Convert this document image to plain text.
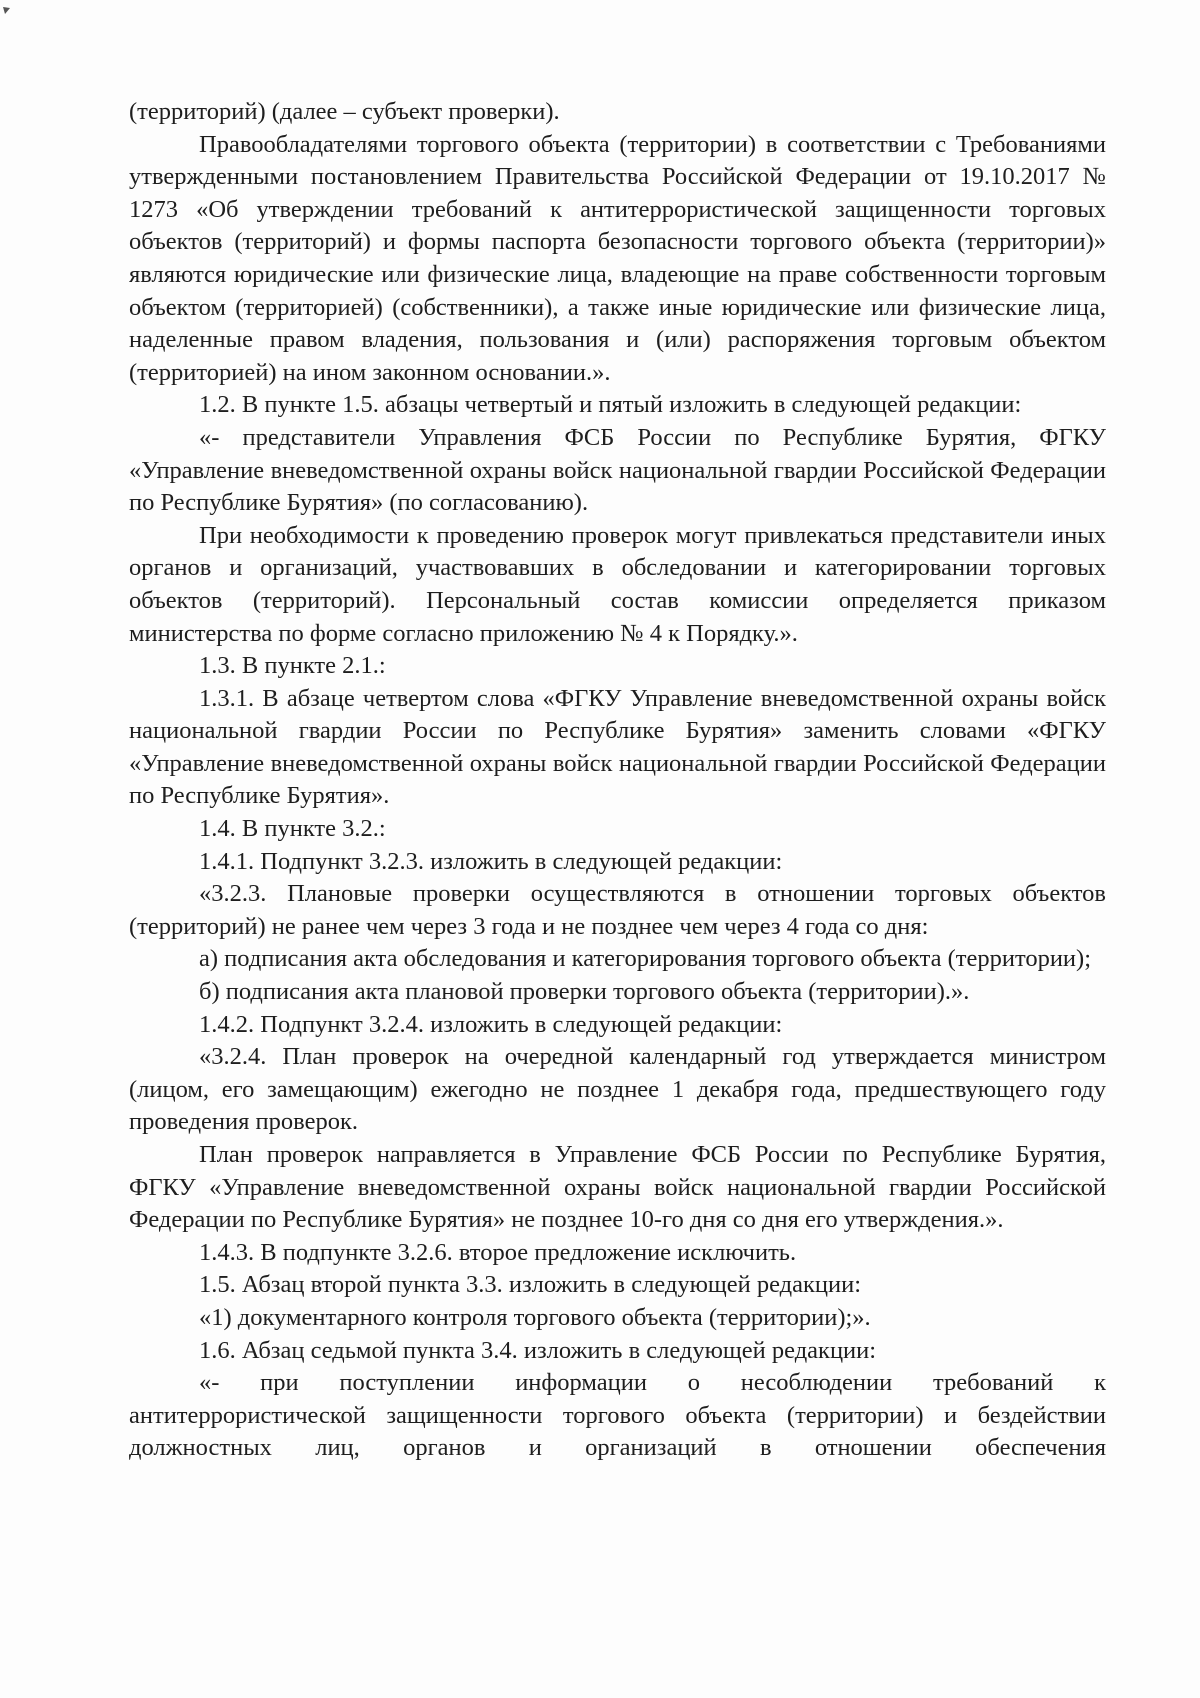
(территорий) (далее – субъект проверки).

Правообладателями торгового объекта (территории) в соответствии с Требованиями утвержденными постановлением Правительства Российской Федерации от 19.10.2017 № 1273 «Об утверждении требований к антитеррористической защищенности торговых объектов (территорий) и формы паспорта безопасности торгового объекта (территории)» являются юридические или физические лица, владеющие на праве собственности торговым объектом (территорией) (собственники), а также иные юридические или физические лица, наделенные правом владения, пользования и (или) распоряжения торговым объектом (территорией) на ином законном основании.».

1.2. В пункте 1.5. абзацы четвертый и пятый изложить в следующей редакции:

«- представители Управления ФСБ России по Республике Бурятия, ФГКУ «Управление вневедомственной охраны войск национальной гвардии Российской Федерации по Республике Бурятия» (по согласованию).

При необходимости к проведению проверок могут привлекаться представители иных органов и организаций, участвовавших в обследовании и категорировании торговых объектов (территорий). Персональный состав комиссии определяется приказом министерства по форме согласно приложению № 4 к Порядку.».

1.3. В пункте 2.1.:

1.3.1. В абзаце четвертом слова «ФГКУ Управление вневедомственной охраны войск национальной гвардии России по Республике Бурятия» заменить словами «ФГКУ «Управление вневедомственной охраны войск национальной гвардии Российской Федерации по Республике Бурятия».

1.4. В пункте 3.2.:

1.4.1. Подпункт 3.2.3. изложить в следующей редакции:

«3.2.3. Плановые проверки осуществляются в отношении торговых объектов (территорий) не ранее чем через 3 года и не позднее чем через 4 года со дня:

а) подписания акта обследования и категорирования торгового объекта (территории);

б) подписания акта плановой проверки торгового объекта (территории).».

1.4.2. Подпункт 3.2.4. изложить в следующей редакции:

«3.2.4. План проверок на очередной календарный год утверждается министром (лицом, его замещающим) ежегодно не позднее 1 декабря года, предшествующего году проведения проверок.

План проверок направляется в Управление ФСБ России по Республике Бурятия, ФГКУ «Управление вневедомственной охраны войск национальной гвардии Российской Федерации по Республике Бурятия» не позднее 10-го дня со дня его утверждения.».

1.4.3. В подпункте 3.2.6. второе предложение исключить.

1.5. Абзац второй пункта 3.3. изложить в следующей редакции:

«1) документарного контроля торгового объекта (территории);».

1.6. Абзац седьмой пункта 3.4. изложить в следующей редакции:

«- при поступлении информации о несоблюдении требований к антитеррористической защищенности торгового объекта (территории) и бездействии должностных лиц, органов и организаций в отношении обеспечения
